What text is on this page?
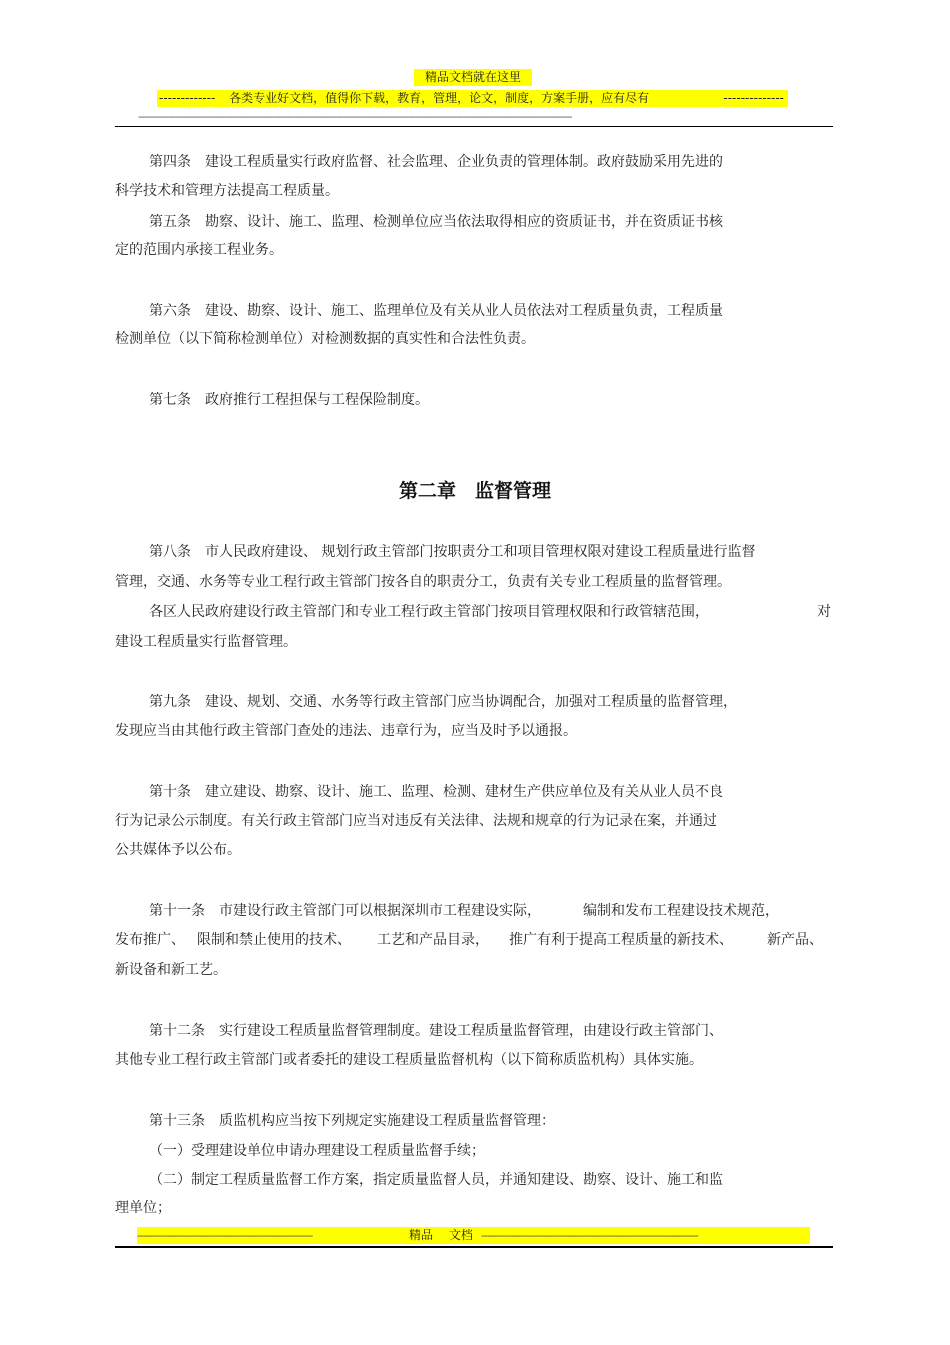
精品文档就在这里
------------- 各类专业好文档，值得你下载，教育，管理，论文，制度，方案手册，应有尽有	--------------
--------------------------------------------------------------------------------------------------------------------------------------------------

第四条　建设工程质量实行政府监督、社会监理、企业负责的管理体制。政府鼓励采用先进的

科学技术和管理方法提高工程质量。

第五条　勘察、设计、施工、监理、检测单位应当依法取得相应的资质证书，并在资质证书核

定的范围内承接工程业务。

第六条　建设、勘察、设计、施工、监理单位及有关从业人员依法对工程质量负责，工程质量

检测单位（以下简称检测单位）对检测数据的真实性和合法性负责。

第七条　政府推行工程担保与工程保险制度。

第二章　监督管理

第八条　市人民政府建设、 规划行政主管部门按职责分工和项目管理权限对建设工程质量进行监督

管理，交通、水务等专业工程行政主管部门按各自的职责分工，负责有关专业工程质量的监督管理。

各区人民政府建设行政主管部门和专业工程行政主管部门按项目管理权限和行政管辖范围，	对

建设工程质量实行监督管理。

第九条　建设、规划、交通、水务等行政主管部门应当协调配合，加强对工程质量的监督管理，

发现应当由其他行政主管部门查处的违法、违章行为，应当及时予以通报。

第十条　建立建设、勘察、设计、施工、监理、检测、建材生产供应单位及有关从业人员不良

行为记录公示制度。有关行政主管部门应当对违反有关法律、法规和规章的行为记录在案，并通过

公共媒体予以公布。

第十一条　市建设行政主管部门可以根据深圳市工程建设实际，	编制和发布工程建设技术规范，

发布推广、 限制和禁止使用的技术、 工艺和产品目录， 推广有利于提高工程质量的新技术、 新产品、

新设备和新工艺。

第十二条　实行建设工程质量监督管理制度。建设工程质量监督管理，由建设行政主管部门、

其他专业工程行政主管部门或者委托的建设工程质量监督机构（以下简称质监机构）具体实施。

第十三条　质监机构应当按下列规定实施建设工程质量监督管理：

（一）受理建设单位申请办理建设工程质量监督手续；

（二）制定工程质量监督工作方案，指定质量监督人员，并通知建设、勘察、设计、施工和监

理单位；

-----------------------------------------------------------	精品　 文档 -------------------------------------------------------------------------
